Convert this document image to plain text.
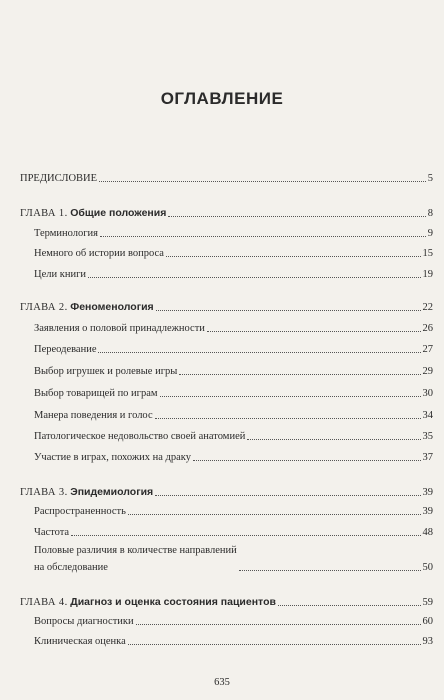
ОГЛАВЛЕНИЕ
ПРЕДИСЛОВИЕ	5
ГЛАВА 1. Общие положения	8
Терминология	9
Немного об истории вопроса	15
Цели книги	19
ГЛАВА 2. Феноменология	22
Заявления о половой принадлежности	26
Переодевание	27
Выбор игрушек и ролевые игры	29
Выбор товарищей по играм	30
Манера поведения и голос	34
Патологическое недовольство своей анатомией	35
Участие в играх, похожих на драку	37
ГЛАВА 3. Эпидемиология	39
Распространенность	39
Частота	48
Половые различия в количестве направлений
на обследование	50
ГЛАВА 4. Диагноз и оценка состояния пациентов	59
Вопросы диагностики	60
Клиническая оценка	93
635
